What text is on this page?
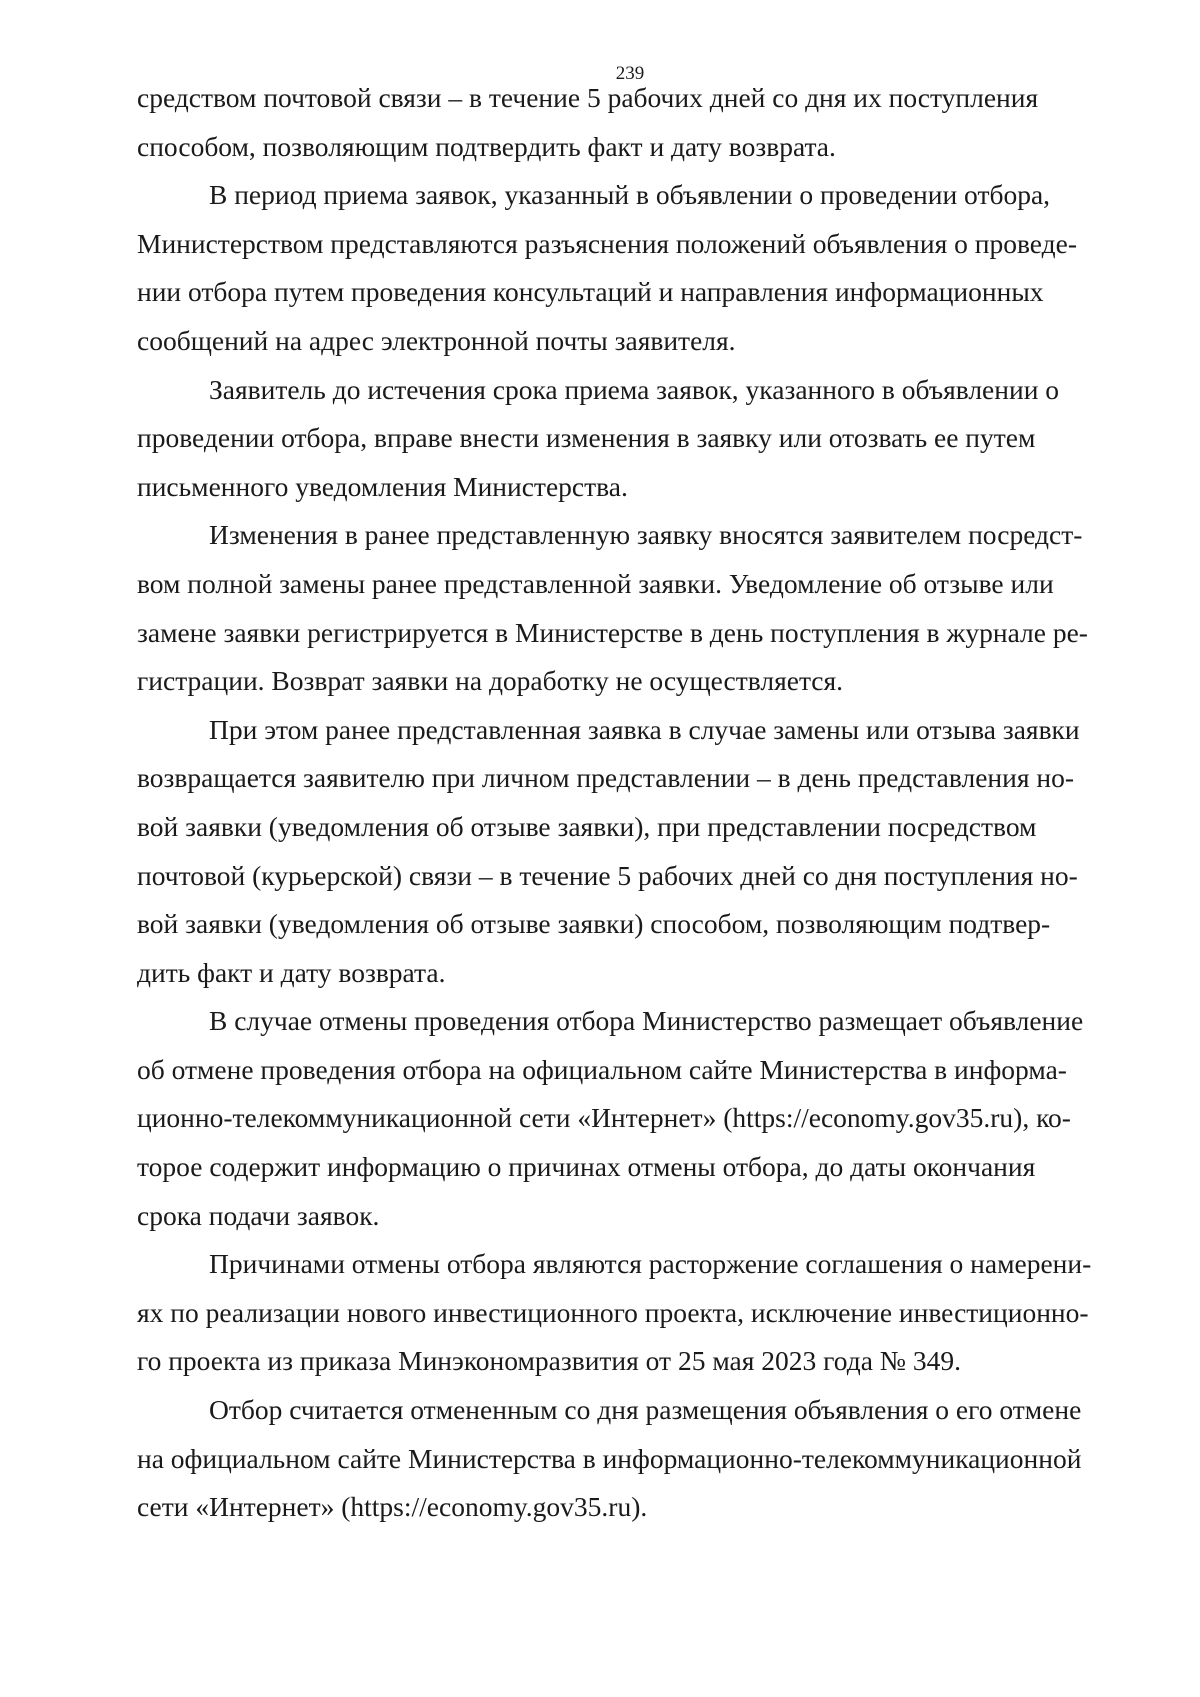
239

средством почтовой связи – в течение 5 рабочих дней со дня их поступления
способом, позволяющим подтвердить факт и дату возврата.

В период приема заявок, указанный в объявлении о проведении отбора,
Министерством представляются разъяснения положений объявления о проведе-
нии отбора путем проведения консультаций и направления информационных
сообщений на адрес электронной почты заявителя.

Заявитель до истечения срока приема заявок, указанного в объявлении о
проведении отбора, вправе внести изменения в заявку или отозвать ее путем
письменного уведомления Министерства.

Изменения в ранее представленную заявку вносятся заявителем посредст-
вом полной замены ранее представленной заявки. Уведомление об отзыве или
замене заявки регистрируется в Министерстве в день поступления в журнале ре-
гистрации. Возврат заявки на доработку не осуществляется.

При этом ранее представленная заявка в случае замены или отзыва заявки
возвращается заявителю при личном представлении – в день представления но-
вой заявки (уведомления об отзыве заявки), при представлении посредством
почтовой (курьерской) связи – в течение 5 рабочих дней со дня поступления но-
вой заявки (уведомления об отзыве заявки) способом, позволяющим подтвер-
дить факт и дату возврата.

В случае отмены проведения отбора Министерство размещает объявление
об отмене проведения отбора на официальном сайте Министерства в информа-
ционно-телекоммуникационной сети «Интернет» (https://economy.gov35.ru), ко-
торое содержит информацию о причинах отмены отбора, до даты окончания
срока подачи заявок.

Причинами отмены отбора являются расторжение соглашения о намерени-
ях по реализации нового инвестиционного проекта, исключение инвестиционно-
го проекта из приказа Минэкономразвития от 25 мая 2023 года № 349.

Отбор считается отмененным со дня размещения объявления о его отмене
на официальном сайте Министерства в информационно-телекоммуникационной
сети «Интернет» (https://economy.gov35.ru).
